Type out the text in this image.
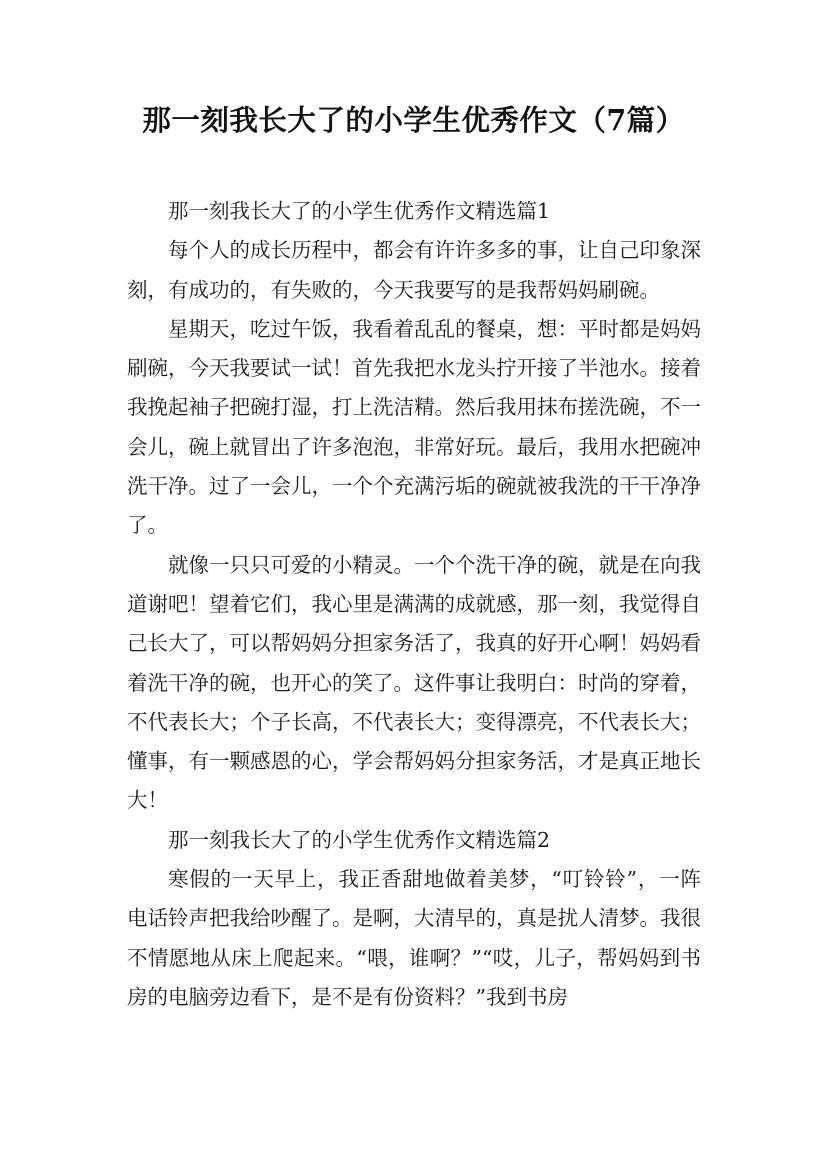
那一刻我长大了的小学生优秀作文（7篇）

那一刻我长大了的小学生优秀作文精选篇1

每个人的成长历程中，都会有许许多多的事，让自己印象深刻，有成功的，有失败的，今天我要写的是我帮妈妈刷碗。

星期天，吃过午饭，我看着乱乱的餐桌，想：平时都是妈妈刷碗，今天我要试一试！首先我把水龙头拧开接了半池水。接着我挽起袖子把碗打湿，打上洗洁精。然后我用抹布搓洗碗，不一会儿，碗上就冒出了许多泡泡，非常好玩。最后，我用水把碗冲洗干净。过了一会儿，一个个充满污垢的碗就被我洗的干干净净了。

就像一只只可爱的小精灵。一个个洗干净的碗，就是在向我道谢吧！望着它们，我心里是满满的成就感，那一刻，我觉得自己长大了，可以帮妈妈分担家务活了，我真的好开心啊！妈妈看着洗干净的碗，也开心的笑了。这件事让我明白：时尚的穿着，不代表长大；个子长高，不代表长大；变得漂亮，不代表长大；懂事，有一颗感恩的心，学会帮妈妈分担家务活，才是真正地长大！

那一刻我长大了的小学生优秀作文精选篇2

寒假的一天早上，我正香甜地做着美梦，“叮铃铃”，一阵电话铃声把我给吵醒了。是啊，大清早的，真是扰人清梦。我很不情愿地从床上爬起来。“喂，谁啊？”“哎，儿子，帮妈妈到书房的电脑旁边看下，是不是有份资料？”我到书房
